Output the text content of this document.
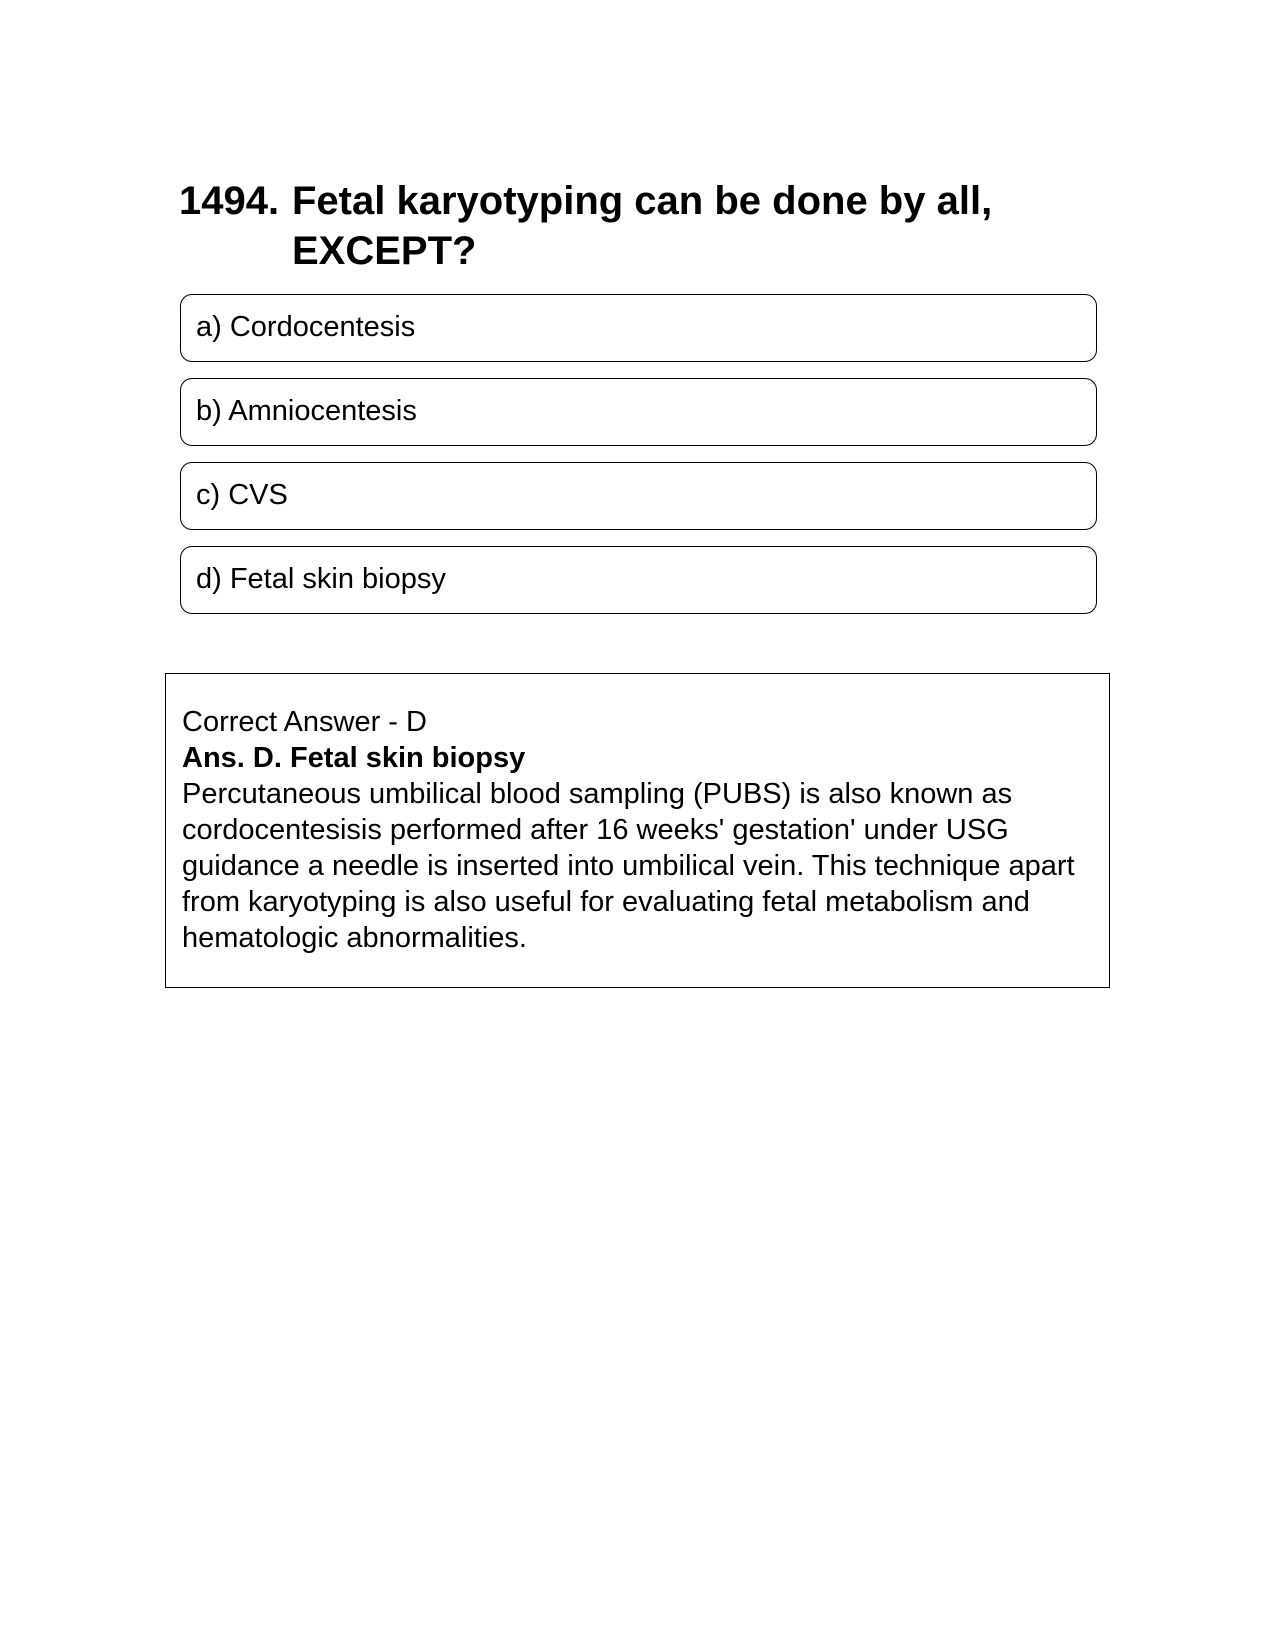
1494. Fetal karyotyping can be done by all, EXCEPT?
a) Cordocentesis
b) Amniocentesis
c) CVS
d) Fetal skin biopsy
Correct Answer - D
Ans. D. Fetal skin biopsy
Percutaneous umbilical blood sampling (PUBS) is also known as cordocentesisis performed after 16 weeks' gestation' under USG guidance a needle is inserted into umbilical vein. This technique apart from karyotyping is also useful for evaluating fetal metabolism and hematologic abnormalities.
